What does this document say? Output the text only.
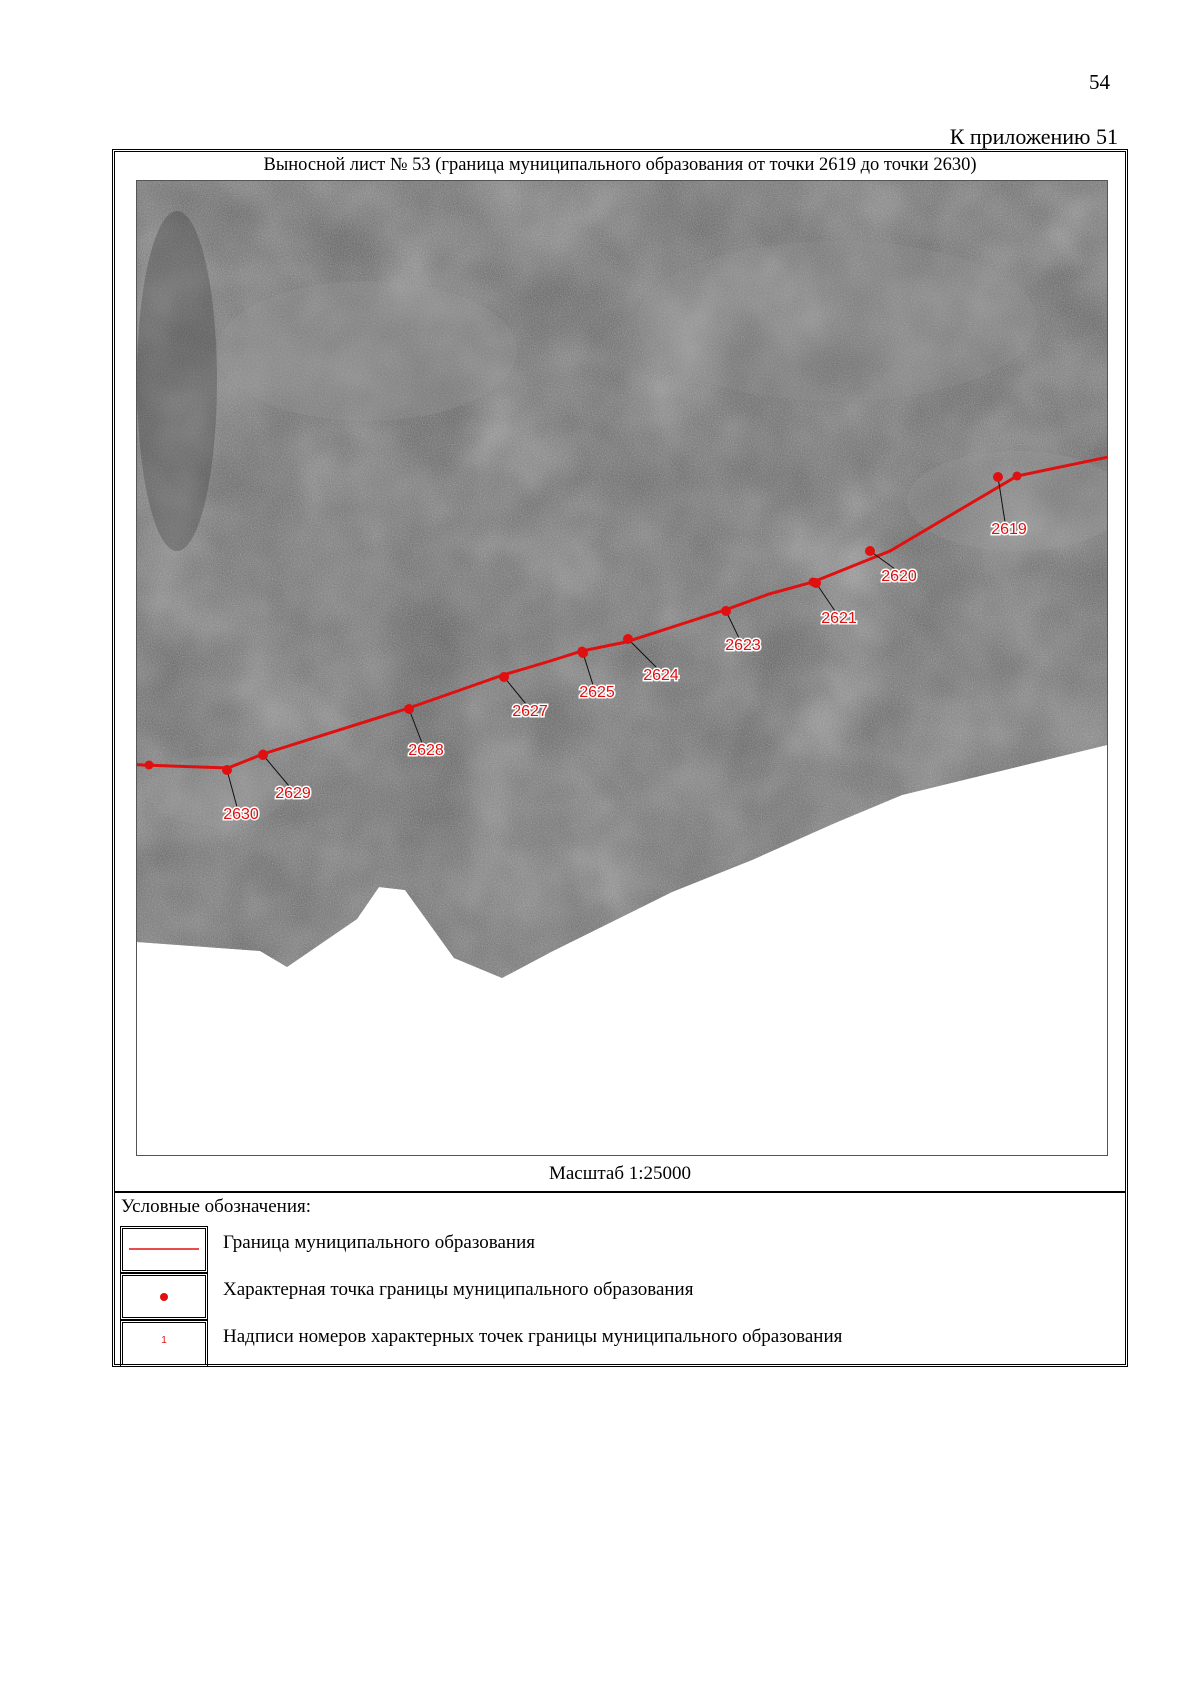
54
К приложению 51
Выносной лист № 53 (граница муниципального образования от точки 2619 до точки 2630)
2619
2620
2621
2623
2624
2625
2627
2628
2629
2630
Масштаб 1:25000
Условные обозначения:
Граница муниципального образования
Характерная точка границы муниципального образования
1	Надписи номеров характерных точек границы муниципального образования
